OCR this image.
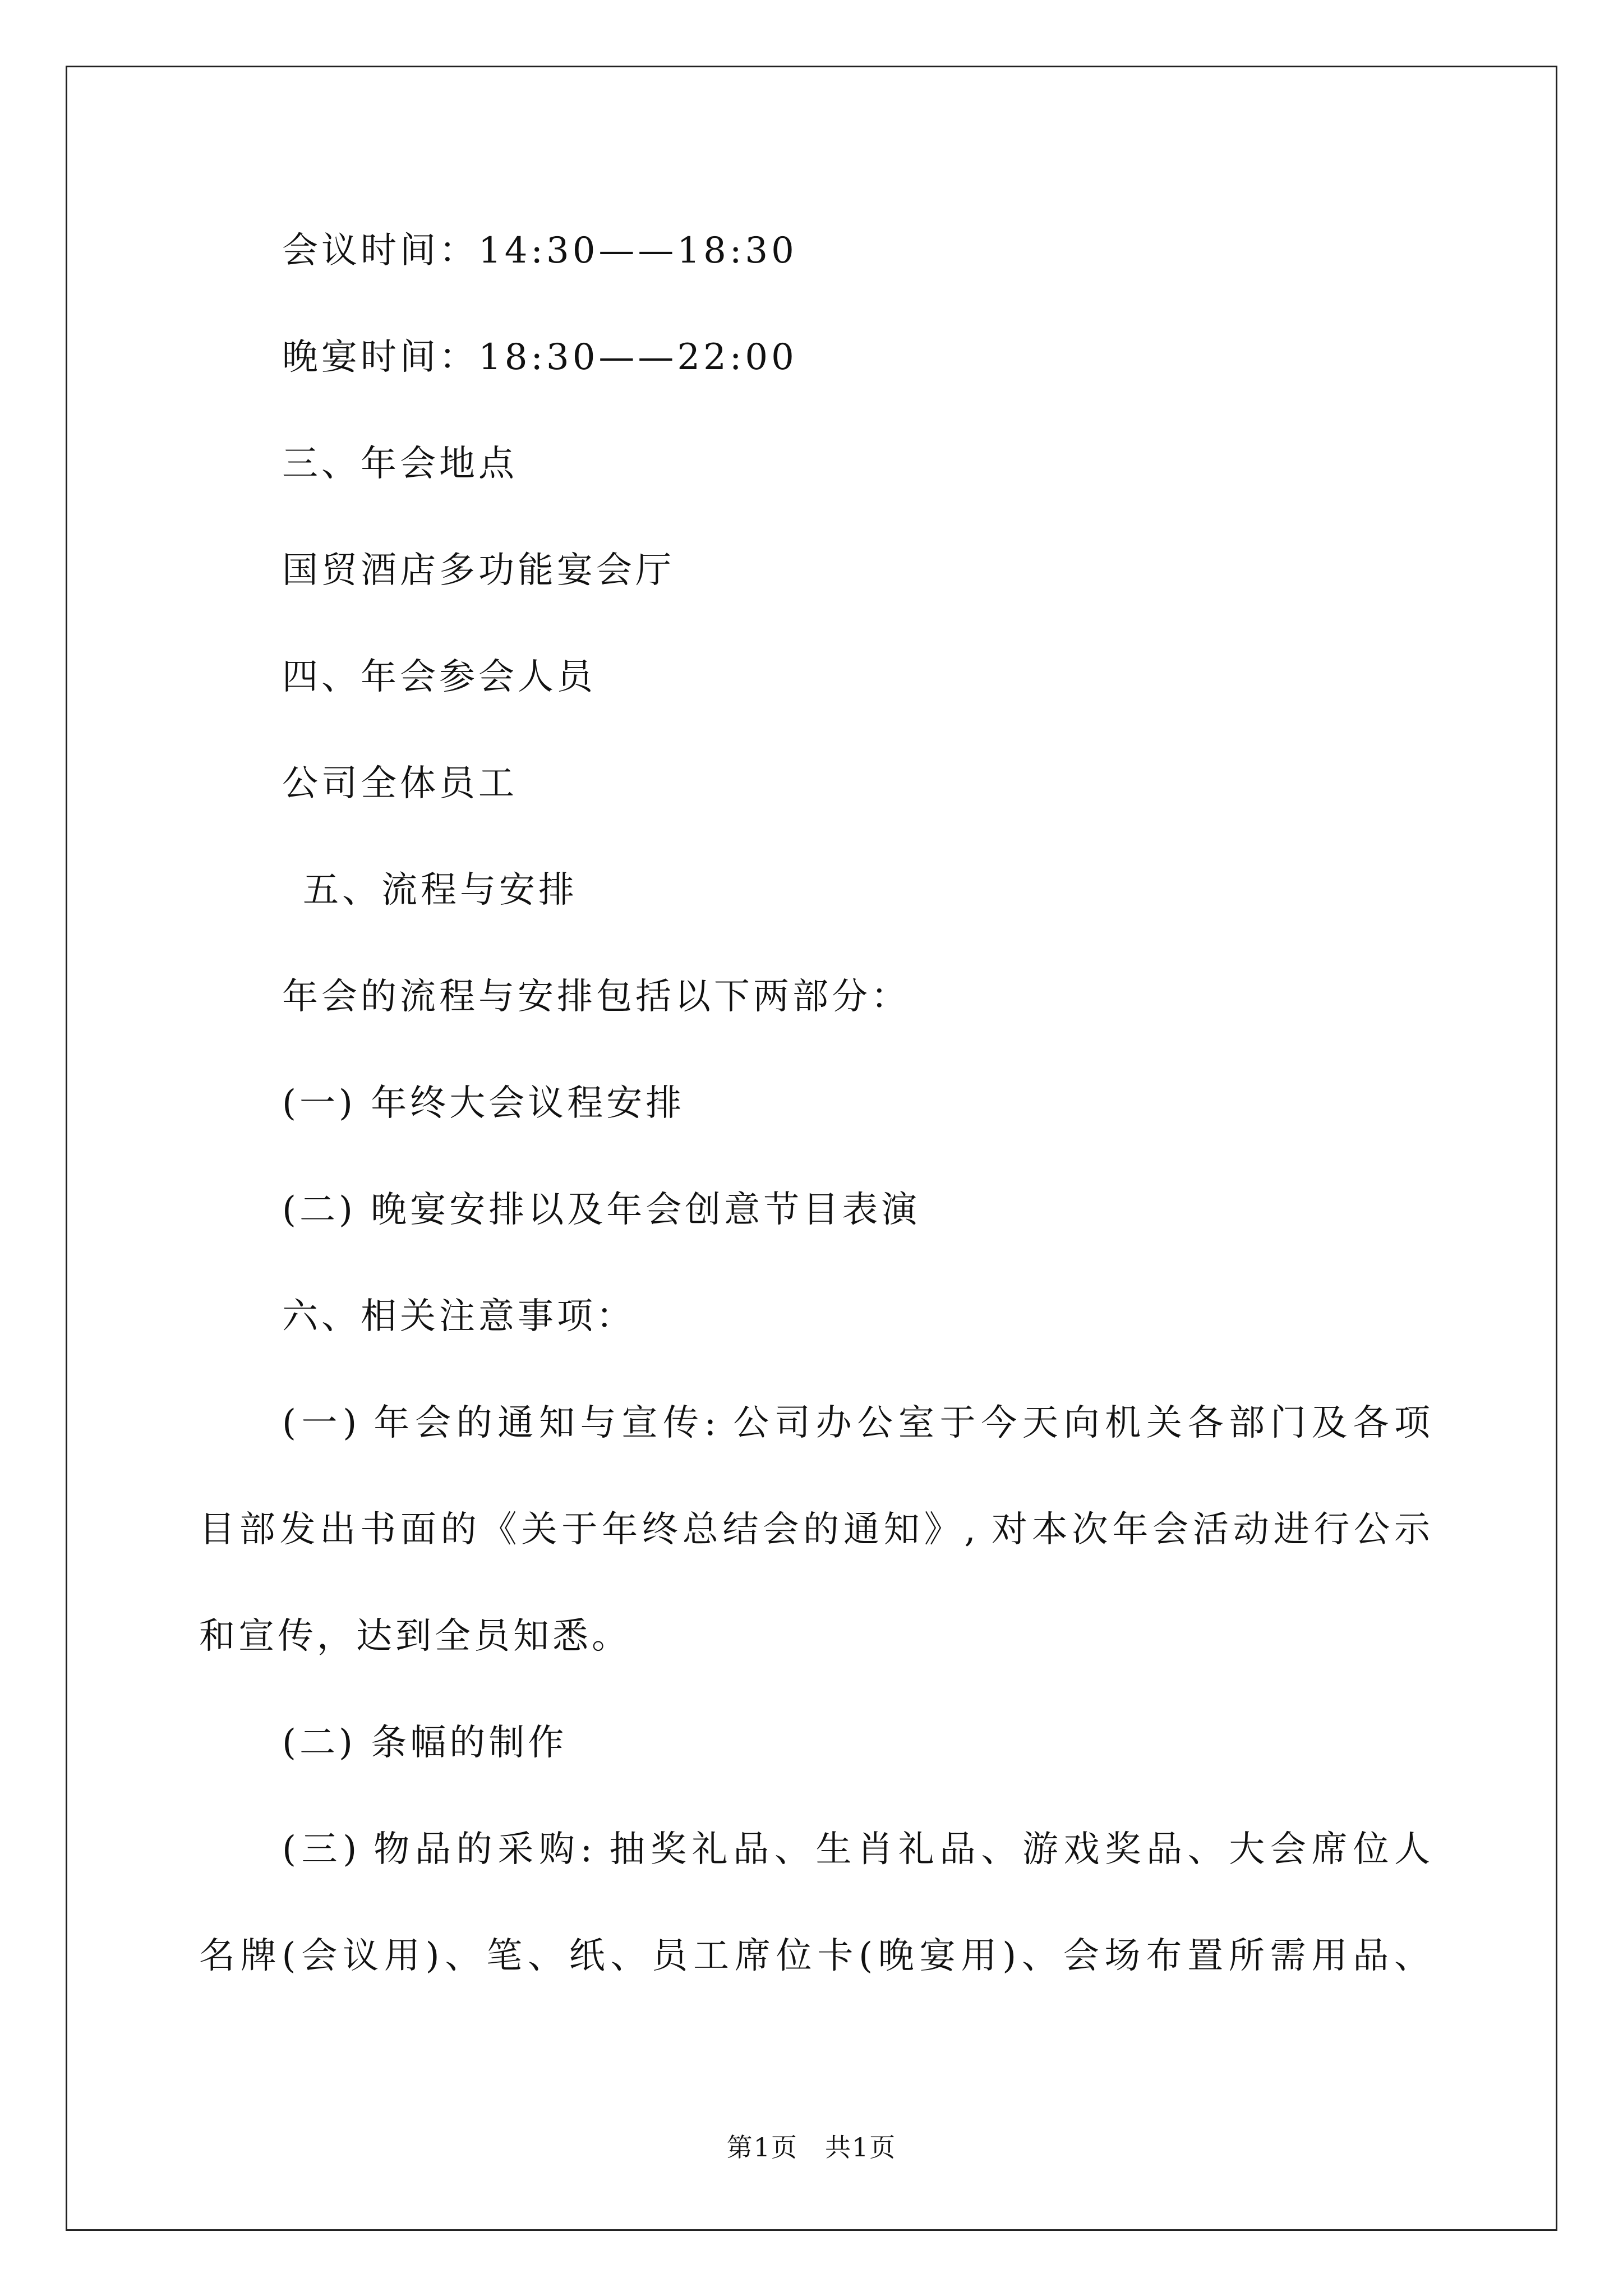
会议时间：14:30——18:30
晚宴时间：18:30——22:00
三、年会地点
国贸酒店多功能宴会厅
四、年会参会人员
公司全体员工
五、流程与安排
年会的流程与安排包括以下两部分：
(一) 年终大会议程安排
(二) 晚宴安排以及年会创意节目表演
六、相关注意事项：
(一) 年会的通知与宣传: 公司办公室于今天向机关各部门及各项
目部发出书面的《关于年终总结会的通知》, 对本次年会活动进行公示
和宣传，达到全员知悉。
(二) 条幅的制作
(三) 物品的采购: 抽奖礼品、生肖礼品、游戏奖品、大会席位人
名牌(会议用)、笔、纸、员工席位卡(晚宴用)、会场布置所需用品、
第1页　共1页
